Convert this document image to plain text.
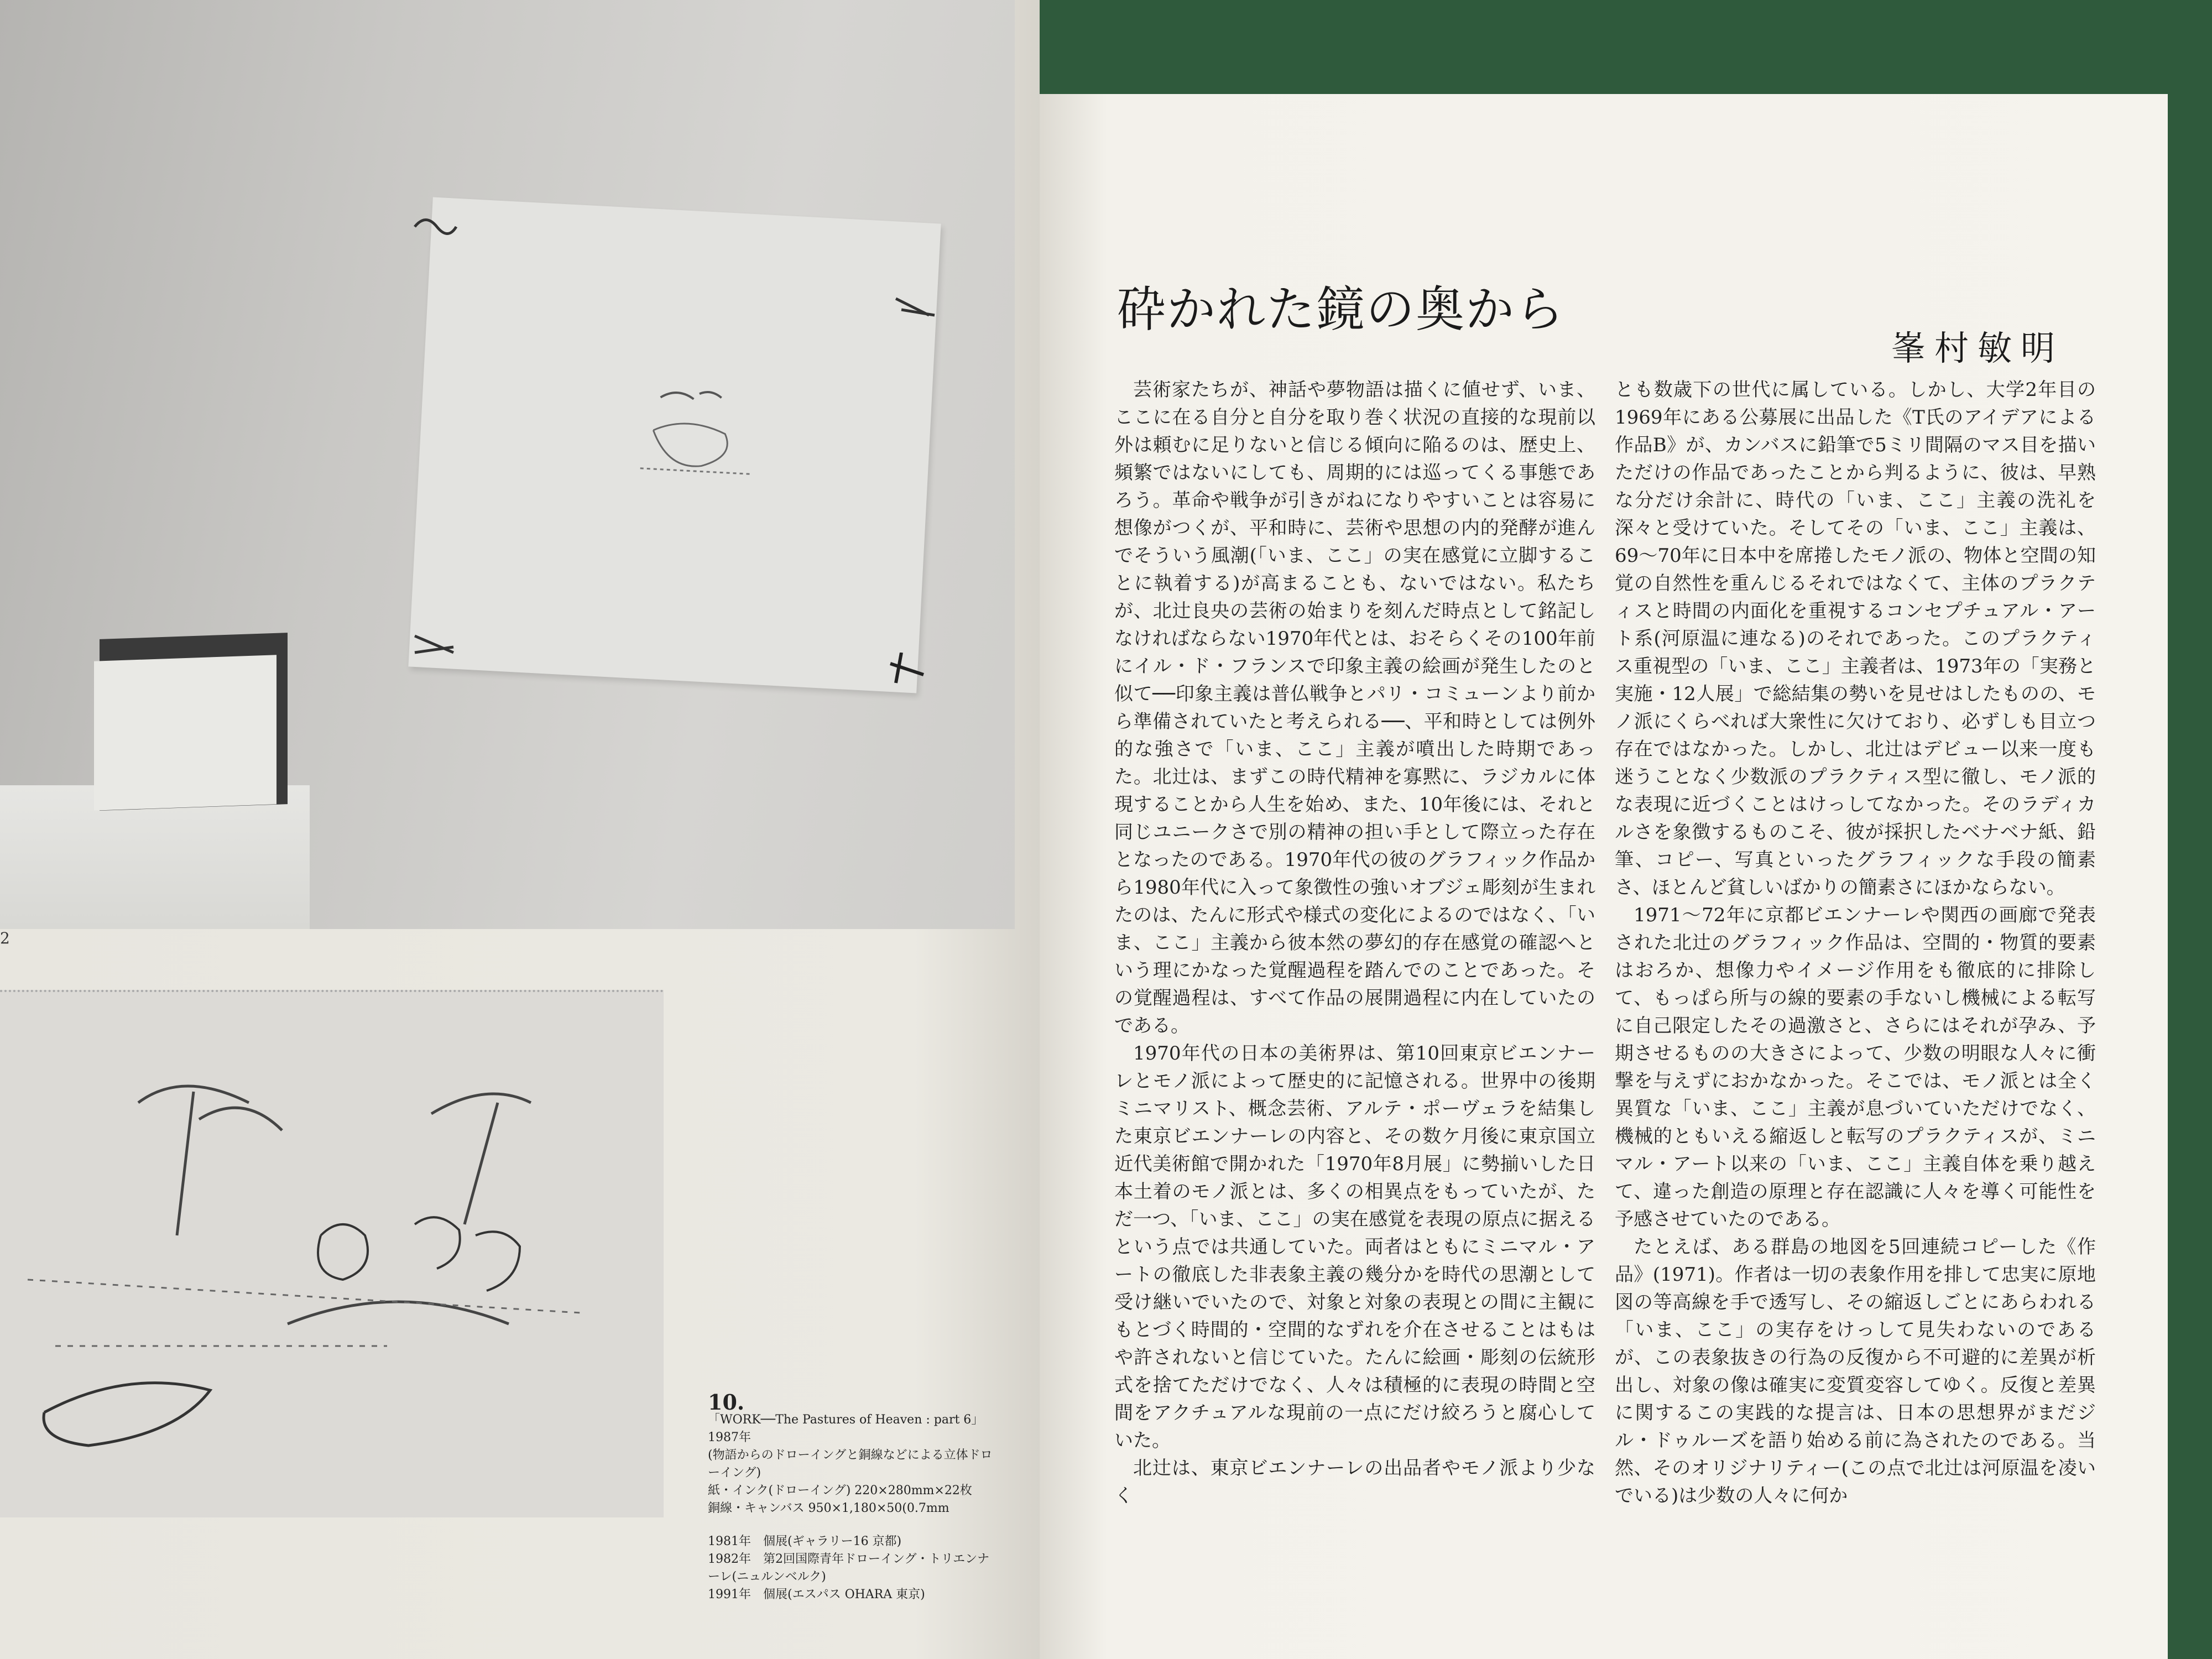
2
10.
「WORK──The Pastures of Heaven : part 6」 1987年
(物語からのドローイングと銅線などによる立体ドローイング)
紙・インク(ドローイング) 220×280mm×22枚
銅線・キャンバス 950×1,180×50(0.7mm
1981年　個展(ギャラリー16 京都)
1982年　第2回国際青年ドローイング・トリエンナーレ(ニュルンベルク)
1991年　個展(エスパス OHARA 東京)
砕かれた鏡の奥から
峯村敏明

芸術家たちが、神話や夢物語は描くに値せず、いま、ここに在る自分と自分を取り巻く状況の直接的な現前以外は頼むに足りないと信じる傾向に陥るのは、歴史上、頻繁ではないにしても、周期的には巡ってくる事態であろう。革命や戦争が引きがねになりやすいことは容易に想像がつくが、平和時に、芸術や思想の内的発酵が進んでそういう風潮(「いま、ここ」の実在感覚に立脚することに執着する)が高まることも、ないではない。私たちが、北辻良央の芸術の始まりを刻んだ時点として銘記しなければならない1970年代とは、おそらくその100年前にイル・ド・フランスで印象主義の絵画が発生したのと似て──印象主義は普仏戦争とパリ・コミューンより前から準備されていたと考えられる──、平和時としては例外的な強さで「いま、ここ」主義が噴出した時期であった。北辻は、まずこの時代精神を寡黙に、ラジカルに体現することから人生を始め、また、10年後には、それと同じユニークさで別の精神の担い手として際立った存在となったのである。1970年代の彼のグラフィック作品から1980年代に入って象徴性の強いオブジェ彫刻が生まれたのは、たんに形式や様式の変化によるのではなく、「いま、ここ」主義から彼本然の夢幻的存在感覚の確認へという理にかなった覚醒過程を踏んでのことであった。その覚醒過程は、すべて作品の展開過程に内在していたのである。

1970年代の日本の美術界は、第10回東京ビエンナーレとモノ派によって歴史的に記憶される。世界中の後期ミニマリスト、概念芸術、アルテ・ポーヴェラを結集した東京ビエンナーレの内容と、その数ケ月後に東京国立近代美術館で開かれた「1970年8月展」に勢揃いした日本土着のモノ派とは、多くの相異点をもっていたが、ただ一つ、「いま、ここ」の実在感覚を表現の原点に据えるという点では共通していた。両者はともにミニマル・アートの徹底した非表象主義の幾分かを時代の思潮として受け継いでいたので、対象と対象の表現との間に主観にもとづく時間的・空間的なずれを介在させることはもはや許されないと信じていた。たんに絵画・彫刻の伝統形式を捨てただけでなく、人々は積極的に表現の時間と空間をアクチュアルな現前の一点にだけ絞ろうと腐心していた。

北辻は、東京ビエンナーレの出品者やモノ派より少なく

とも数歳下の世代に属している。しかし、大学2年目の1969年にある公募展に出品した《T氏のアイデアによる作品B》が、カンバスに鉛筆で5ミリ間隔のマス目を描いただけの作品であったことから判るように、彼は、早熟な分だけ余計に、時代の「いま、ここ」主義の洗礼を深々と受けていた。そしてその「いま、ここ」主義は、69〜70年に日本中を席捲したモノ派の、物体と空間の知覚の自然性を重んじるそれではなくて、主体のプラクティスと時間の内面化を重視するコンセプチュアル・アート系(河原温に連なる)のそれであった。このプラクティス重視型の「いま、ここ」主義者は、1973年の「実務と実施・12人展」で総結集の勢いを見せはしたものの、モノ派にくらべれば大衆性に欠けており、必ずしも目立つ存在ではなかった。しかし、北辻はデビュー以来一度も迷うことなく少数派のプラクティス型に徹し、モノ派的な表現に近づくことはけっしてなかった。そのラディカルさを象徴するものこそ、彼が採択したベナベナ紙、鉛筆、コピー、写真といったグラフィックな手段の簡素さ、ほとんど貧しいばかりの簡素さにほかならない。

1971〜72年に京都ビエンナーレや関西の画廊で発表された北辻のグラフィック作品は、空間的・物質的要素はおろか、想像力やイメージ作用をも徹底的に排除して、もっぱら所与の線的要素の手ないし機械による転写に自己限定したその過激さと、さらにはそれが孕み、予期させるものの大きさによって、少数の明眼な人々に衝撃を与えずにおかなかった。そこでは、モノ派とは全く異質な「いま、ここ」主義が息づいていただけでなく、機械的ともいえる縮返しと転写のプラクティスが、ミニマル・アート以来の「いま、ここ」主義自体を乗り越えて、違った創造の原理と存在認識に人々を導く可能性を予感させていたのである。

たとえば、ある群島の地図を5回連続コピーした《作品》(1971)。作者は一切の表象作用を排して忠実に原地図の等高線を手で透写し、その縮返しごとにあらわれる「いま、ここ」の実存をけっして見失わないのであるが、この表象抜きの行為の反復から不可避的に差異が析出し、対象の像は確実に変質変容してゆく。反復と差異に関するこの実践的な提言は、日本の思想界がまだジル・ドゥルーズを語り始める前に為されたのである。当然、そのオリジナリティー(この点で北辻は河原温を凌いでいる)は少数の人々に何か
